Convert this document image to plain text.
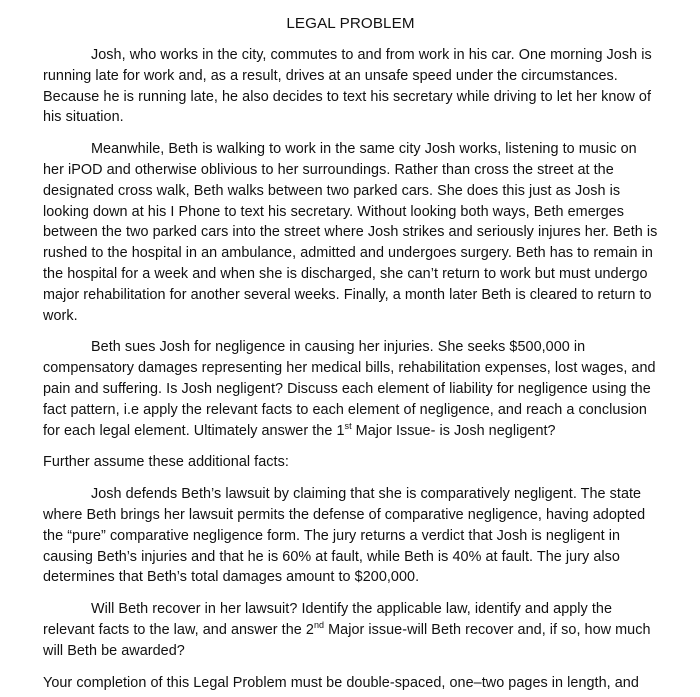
LEGAL PROBLEM

Josh, who works in the city, commutes to and from work in his car. One morning Josh is running late for work and, as a result, drives at an unsafe speed under the circumstances. Because he is running late, he also decides to text his secretary while driving to let her know of his situation.

Meanwhile, Beth is walking to work in the same city Josh works, listening to music on her iPOD and otherwise oblivious to her surroundings. Rather than cross the street at the designated cross walk, Beth walks between two parked cars. She does this just as Josh is looking down at his I Phone to text his secretary. Without looking both ways, Beth emerges between the two parked cars into the street where Josh strikes and seriously injures her. Beth is rushed to the hospital in an ambulance, admitted and undergoes surgery. Beth has to remain in the hospital for a week and when she is discharged, she can’t return to work but must undergo major rehabilitation for another several weeks. Finally, a month later Beth is cleared to return to work.

Beth sues Josh for negligence in causing her injuries. She seeks $500,000 in compensatory damages representing her medical bills, rehabilitation expenses, lost wages, and pain and suffering. Is Josh negligent? Discuss each element of liability for negligence using the fact pattern, i.e apply the relevant facts to each element of negligence, and reach a conclusion for each legal element. Ultimately answer the 1st Major Issue- is Josh negligent?

Further assume these additional facts:

Josh defends Beth’s lawsuit by claiming that she is comparatively negligent. The state where Beth brings her lawsuit permits the defense of comparative negligence, having adopted the “pure” comparative negligence form. The jury returns a verdict that Josh is negligent in causing Beth’s injuries and that he is 60% at fault, while Beth is 40% at fault. The jury also determines that Beth’s total damages amount to $200,000.

Will Beth recover in her lawsuit? Identify the applicable law, identify and apply the relevant facts to the law, and answer the 2nd Major issue-will Beth recover and, if so, how much will Beth be awarded?

Your completion of this Legal Problem must be double-spaced, one–two pages in length, and
